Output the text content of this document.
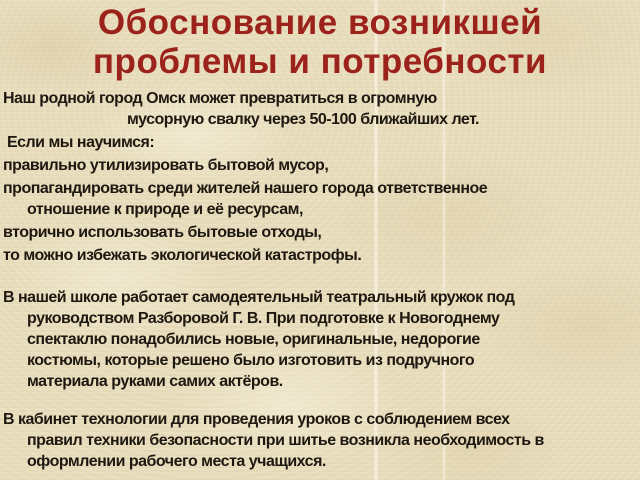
Обоснование возникшей
проблемы и потребности
Наш родной город Омск может превратиться в огромную
мусорную свалку через 50-100 ближайших лет.
Если мы научимся:
правильно утилизировать бытовой мусор,
пропагандировать среди жителей нашего города ответственное
отношение к природе и её ресурсам,
вторично использовать бытовые отходы,
то можно избежать экологической катастрофы.
В нашей школе работает самодеятельный театральный кружок под
руководством Разборовой Г. В. При подготовке к Новогоднему
спектаклю понадобились новые, оригинальные, недорогие
костюмы, которые решено было изготовить из подручного
материала руками самих актёров.
В кабинет технологии для проведения уроков с соблюдением всех
правил техники безопасности при шитье возникла необходимость в
оформлении рабочего места учащихся.
